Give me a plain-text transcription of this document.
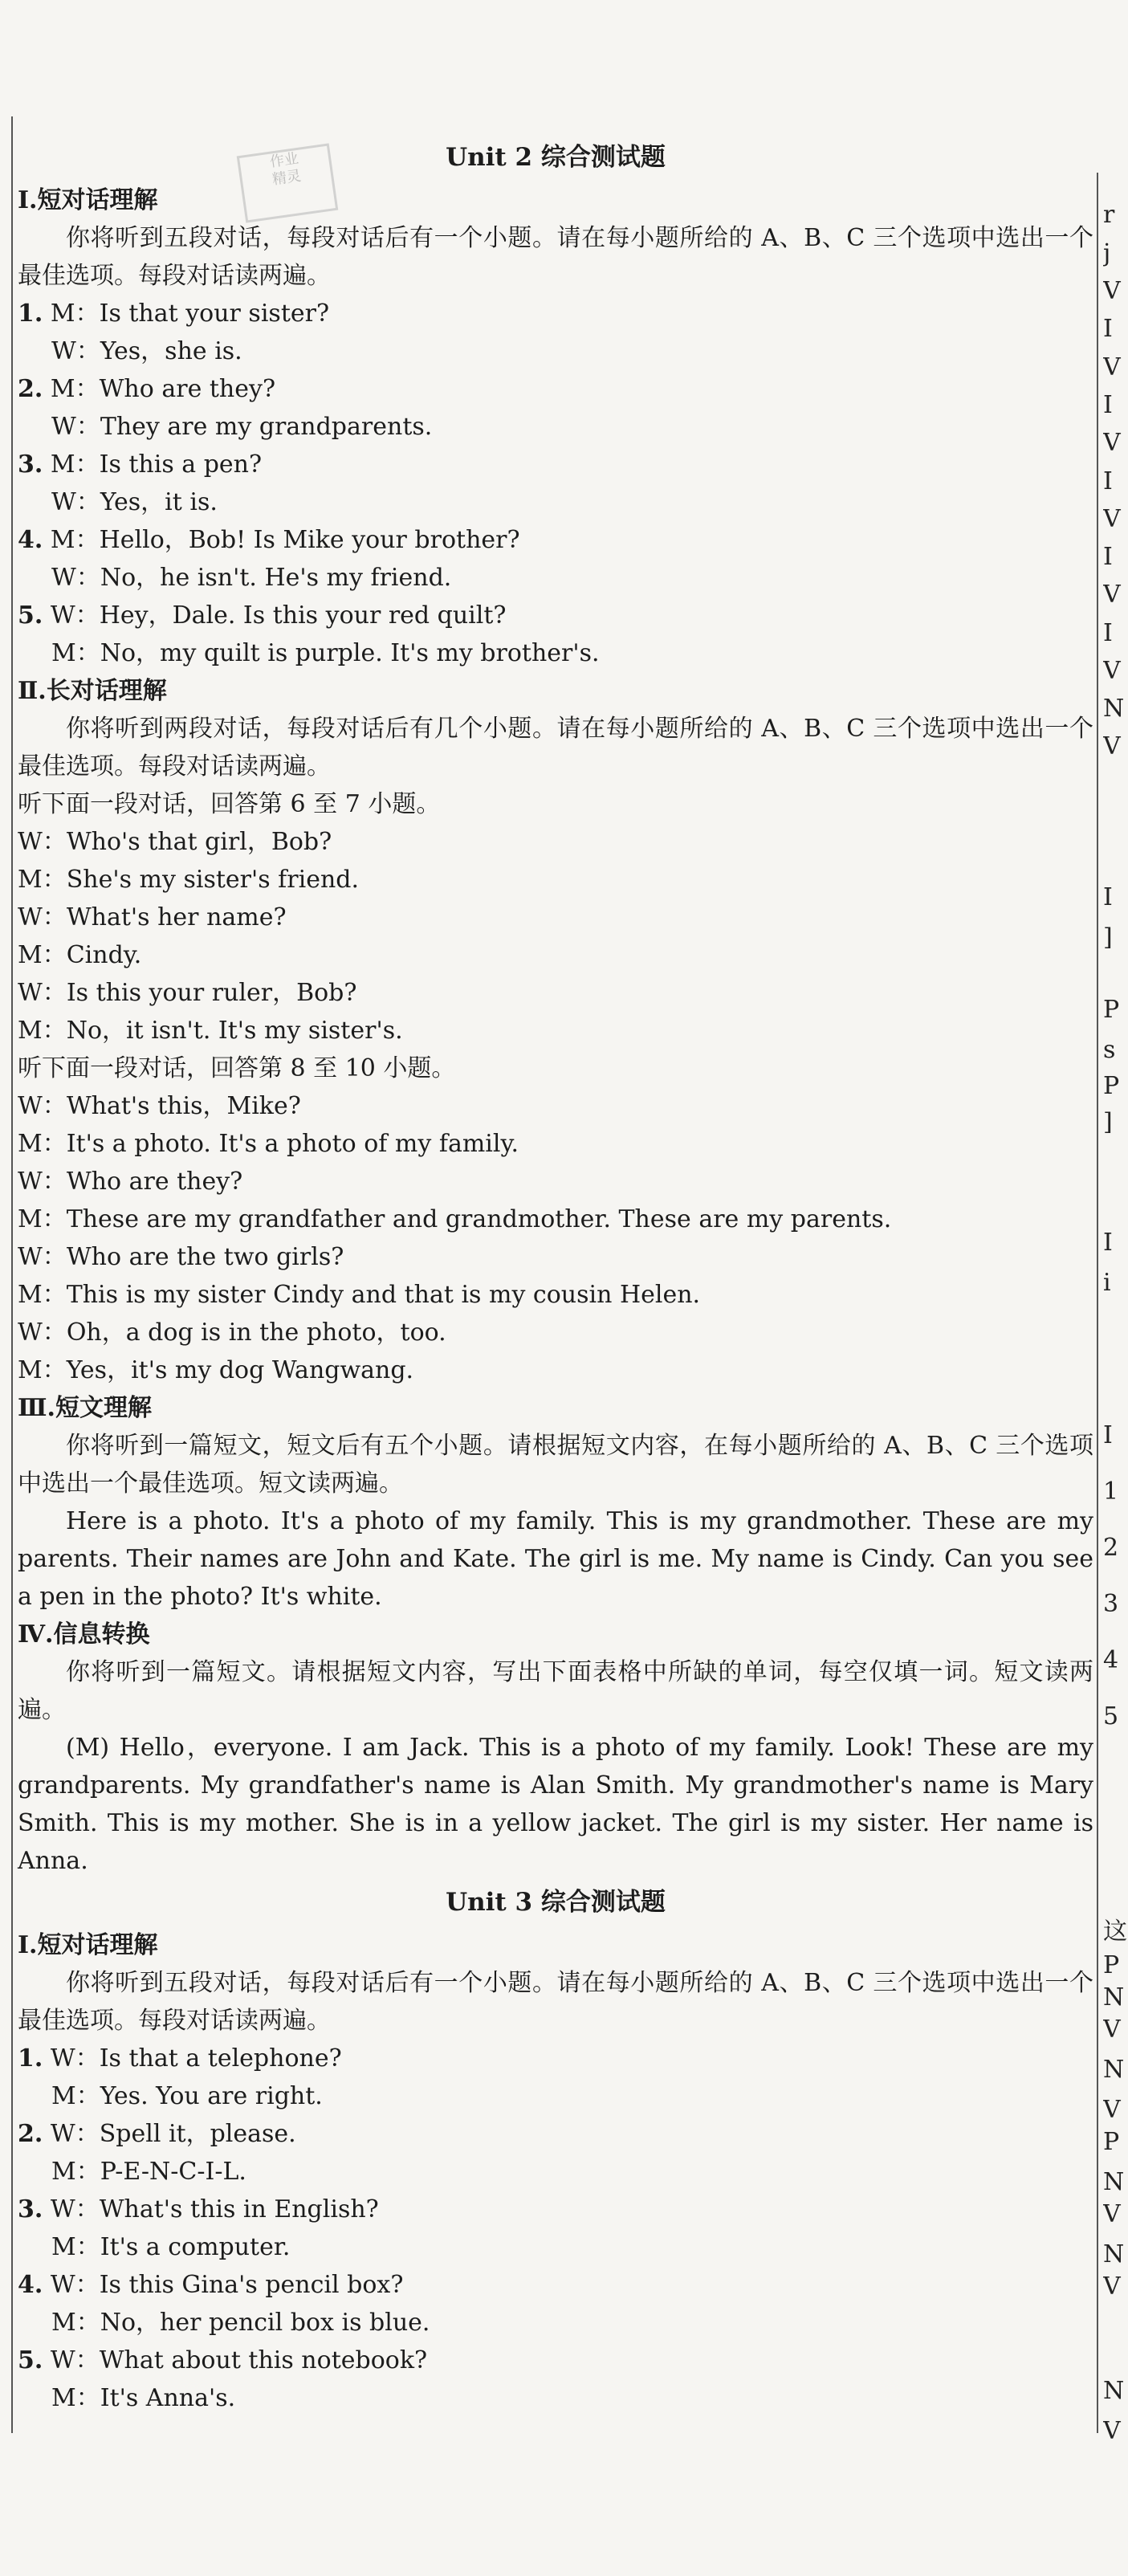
作业
精灵
Unit 2 综合测试题
Ⅰ.短对话理解
你将听到五段对话，每段对话后有一个小题。请在每小题所给的 A、B、C 三个选项中选出一个最佳选项。每段对话读两遍。
1. M：Is that your sister?
W：Yes，she is.
2. M：Who are they?
W：They are my grandparents.
3. M：Is this a pen?
W：Yes，it is.
4. M：Hello，Bob! Is Mike your brother?
W：No，he isn't. He's my friend.
5. W：Hey，Dale. Is this your red quilt?
M：No，my quilt is purple. It's my brother's.
Ⅱ.长对话理解
你将听到两段对话，每段对话后有几个小题。请在每小题所给的 A、B、C 三个选项中选出一个最佳选项。每段对话读两遍。
听下面一段对话，回答第 6 至 7 小题。
W：Who's that girl，Bob?
M：She's my sister's friend.
W：What's her name?
M：Cindy.
W：Is this your ruler，Bob?
M：No，it isn't. It's my sister's.
听下面一段对话，回答第 8 至 10 小题。
W：What's this，Mike?
M：It's a photo. It's a photo of my family.
W：Who are they?
M：These are my grandfather and grandmother. These are my parents.
W：Who are the two girls?
M：This is my sister Cindy and that is my cousin Helen.
W：Oh，a dog is in the photo，too.
M：Yes，it's my dog Wangwang.
Ⅲ.短文理解
你将听到一篇短文，短文后有五个小题。请根据短文内容，在每小题所给的 A、B、C 三个选项中选出一个最佳选项。短文读两遍。
Here is a photo. It's a photo of my family. This is my grandmother. These are my parents. Their names are John and Kate. The girl is me. My name is Cindy. Can you see a pen in the photo? It's white.
Ⅳ.信息转换
你将听到一篇短文。请根据短文内容，写出下面表格中所缺的单词，每空仅填一词。短文读两遍。
(M) Hello，everyone. I am Jack. This is a photo of my family. Look! These are my grandparents. My grandfather's name is Alan Smith. My grandmother's name is Mary Smith. This is my mother. She is in a yellow jacket. The girl is my sister. Her name is Anna.
Unit 3 综合测试题
Ⅰ.短对话理解
你将听到五段对话，每段对话后有一个小题。请在每小题所给的 A、B、C 三个选项中选出一个最佳选项。每段对话读两遍。
1. W：Is that a telephone?
M：Yes. You are right.
2. W：Spell it，please.
M：P-E-N-C-I-L.
3. W：What's this in English?
M：It's a computer.
4. W：Is this Gina's pencil box?
M：No，her pencil box is blue.
5. W：What about this notebook?
M：It's Anna's.
r
j
V
I
V
I
V
I
V
I
V
I
V
N
V
I
]
P
s
P
]
I
i
I
1
2
3
4
5
这
P
N
V
N
V
P
N
V
N
V
N
V
